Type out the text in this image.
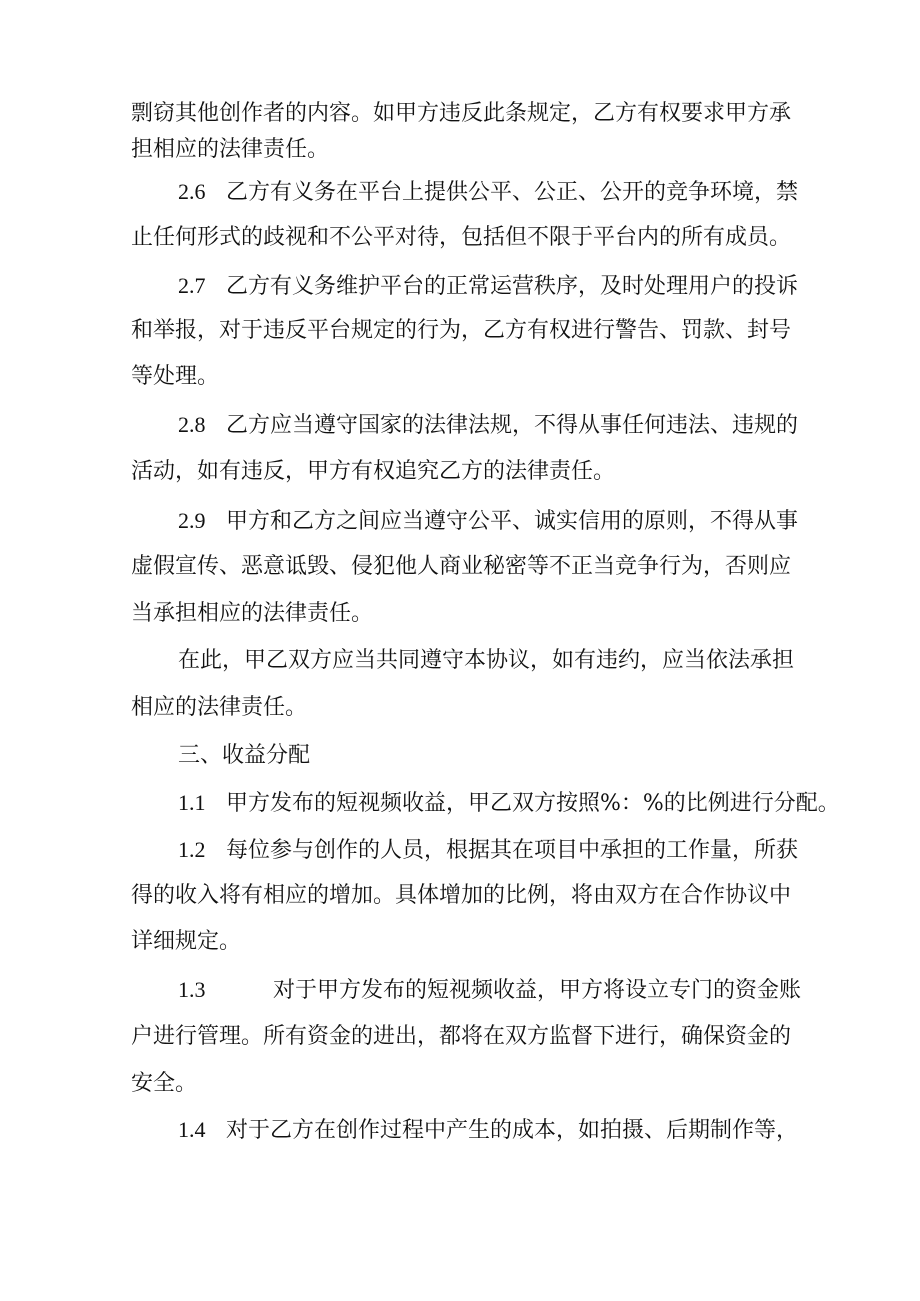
剽窃其他创作者的内容。如甲方违反此条规定，乙方有权要求甲方承
担相应的法律责任。
2.6 乙方有义务在平台上提供公平、公正、公开的竞争环境，禁
止任何形式的歧视和不公平对待，包括但不限于平台内的所有成员。
2.7 乙方有义务维护平台的正常运营秩序，及时处理用户的投诉
和举报，对于违反平台规定的行为，乙方有权进行警告、罚款、封号
等处理。
2.8 乙方应当遵守国家的法律法规，不得从事任何违法、违规的
活动，如有违反，甲方有权追究乙方的法律责任。
2.9 甲方和乙方之间应当遵守公平、诚实信用的原则，不得从事
虚假宣传、恶意诋毁、侵犯他人商业秘密等不正当竞争行为，否则应
当承担相应的法律责任。
在此，甲乙双方应当共同遵守本协议，如有违约，应当依法承担
相应的法律责任。
三、收益分配
1.1 甲方发布的短视频收益，甲乙双方按照%：%的比例进行分配。
1.2 每位参与创作的人员，根据其在项目中承担的工作量，所获
得的收入将有相应的增加。具体增加的比例，将由双方在合作协议中
详细规定。
1.3	对于甲方发布的短视频收益，甲方将设立专门的资金账
户进行管理。所有资金的进出，都将在双方监督下进行，确保资金的
安全。
1.4 对于乙方在创作过程中产生的成本，如拍摄、后期制作等，
